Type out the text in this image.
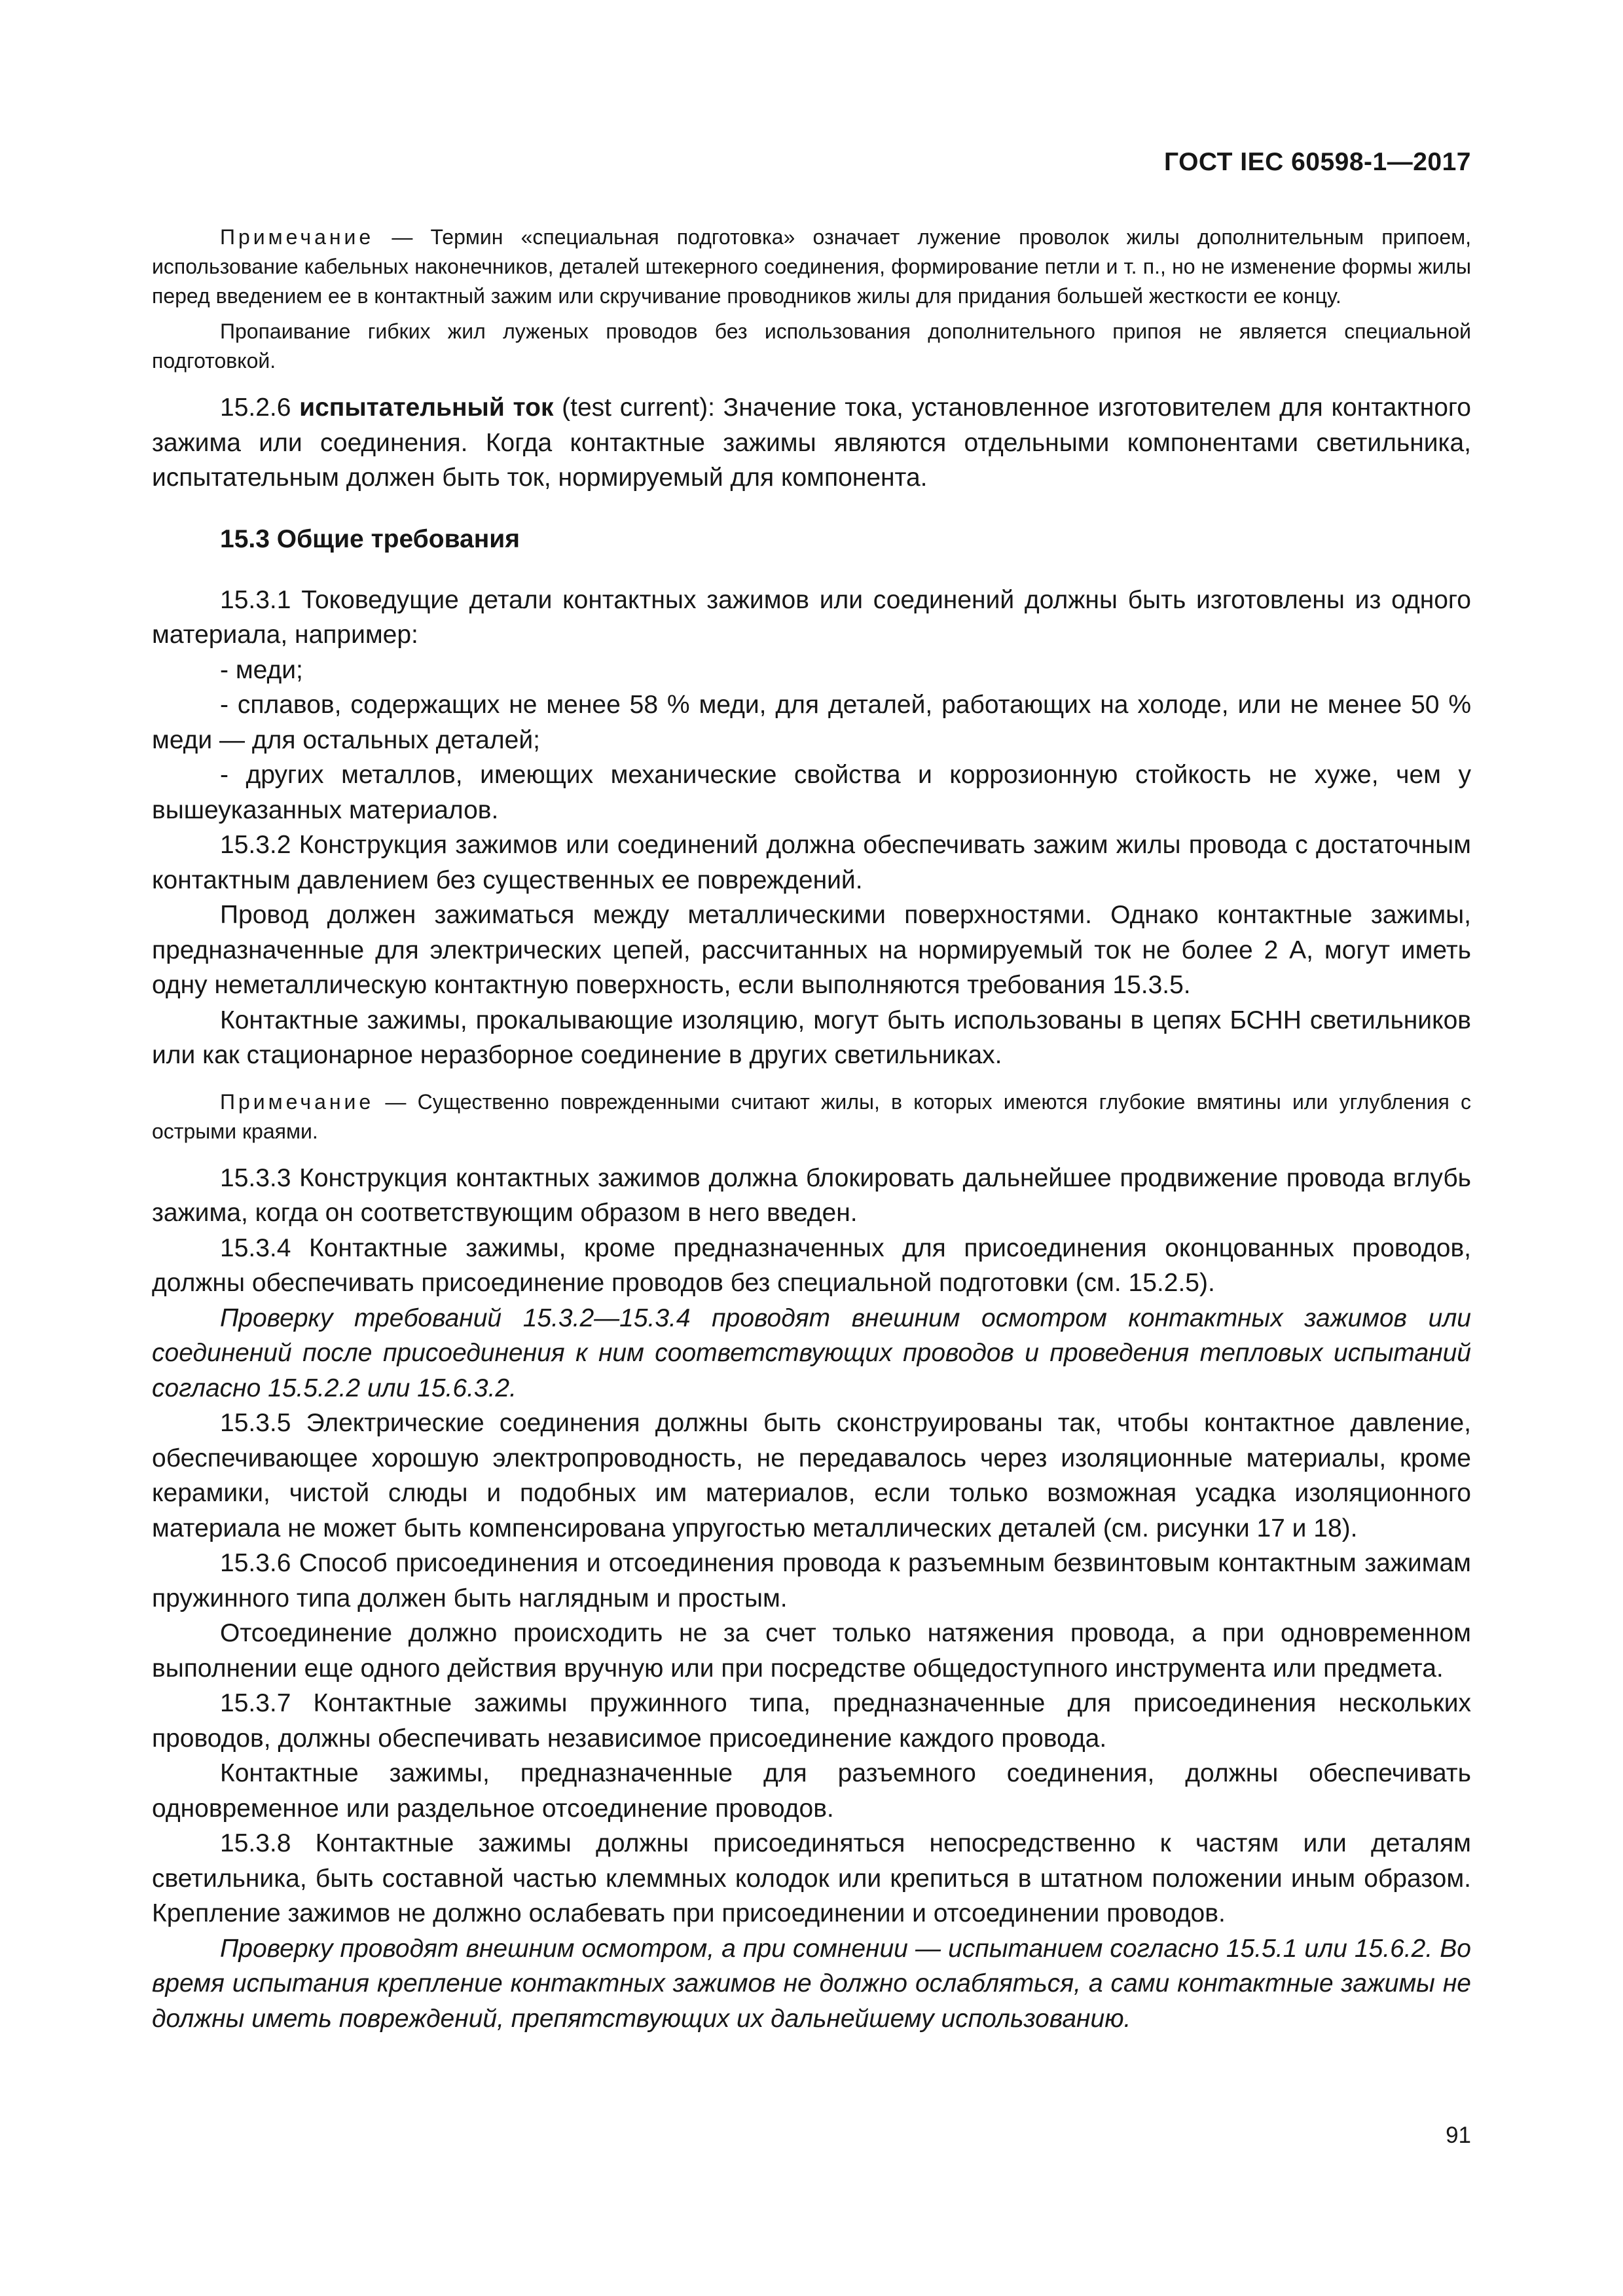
ГОСТ IEC 60598-1—2017

Примечание — Термин «специальная подготовка» означает лужение проволок жилы дополнительным припоем, использование кабельных наконечников, деталей штекерного соединения, формирование петли и т. п., но не изменение формы жилы перед введением ее в контактный зажим или скручивание проводников жилы для придания большей жесткости ее концу.

Пропаивание гибких жил луженых проводов без использования дополнительного припоя не является специальной подготовкой.

15.2.6 испытательный ток (test current): Значение тока, установленное изготовителем для контактного зажима или соединения. Когда контактные зажимы являются отдельными компонентами светильника, испытательным должен быть ток, нормируемый для компонента.

15.3 Общие требования

15.3.1 Токоведущие детали контактных зажимов или соединений должны быть изготовлены из одного материала, например:

- меди;

- сплавов, содержащих не менее 58 % меди, для деталей, работающих на холоде, или не менее 50 % меди — для остальных деталей;

- других металлов, имеющих механические свойства и коррозионную стойкость не хуже, чем у вышеуказанных материалов.

15.3.2 Конструкция зажимов или соединений должна обеспечивать зажим жилы провода с достаточным контактным давлением без существенных ее повреждений.

Провод должен зажиматься между металлическими поверхностями. Однако контактные зажимы, предназначенные для электрических цепей, рассчитанных на нормируемый ток не более 2 А, могут иметь одну неметаллическую контактную поверхность, если выполняются требования 15.3.5.

Контактные зажимы, прокалывающие изоляцию, могут быть использованы в цепях БСНН светильников или как стационарное неразборное соединение в других светильниках.

Примечание — Существенно поврежденными считают жилы, в которых имеются глубокие вмятины или углубления с острыми краями.

15.3.3 Конструкция контактных зажимов должна блокировать дальнейшее продвижение провода вглубь зажима, когда он соответствующим образом в него введен.

15.3.4 Контактные зажимы, кроме предназначенных для присоединения оконцованных проводов, должны обеспечивать присоединение проводов без специальной подготовки (см. 15.2.5).

Проверку требований 15.3.2—15.3.4 проводят внешним осмотром контактных зажимов или соединений после присоединения к ним соответствующих проводов и проведения тепловых испытаний согласно 15.5.2.2 или 15.6.3.2.

15.3.5 Электрические соединения должны быть сконструированы так, чтобы контактное давление, обеспечивающее хорошую электропроводность, не передавалось через изоляционные материалы, кроме керамики, чистой слюды и подобных им материалов, если только возможная усадка изоляционного материала не может быть компенсирована упругостью металлических деталей (см. рисунки 17 и 18).

15.3.6 Способ присоединения и отсоединения провода к разъемным безвинтовым контактным зажимам пружинного типа должен быть наглядным и простым.

Отсоединение должно происходить не за счет только натяжения провода, а при одновременном выполнении еще одного действия вручную или при посредстве общедоступного инструмента или предмета.

15.3.7 Контактные зажимы пружинного типа, предназначенные для присоединения нескольких проводов, должны обеспечивать независимое присоединение каждого провода.

Контактные зажимы, предназначенные для разъемного соединения, должны обеспечивать одновременное или раздельное отсоединение проводов.

15.3.8 Контактные зажимы должны присоединяться непосредственно к частям или деталям светильника, быть составной частью клеммных колодок или крепиться в штатном положении иным образом. Крепление зажимов не должно ослабевать при присоединении и отсоединении проводов.

Проверку проводят внешним осмотром, а при сомнении — испытанием согласно 15.5.1 или 15.6.2. Во время испытания крепление контактных зажимов не должно ослабляться, а сами контактные зажимы не должны иметь повреждений, препятствующих их дальнейшему использованию.

91
